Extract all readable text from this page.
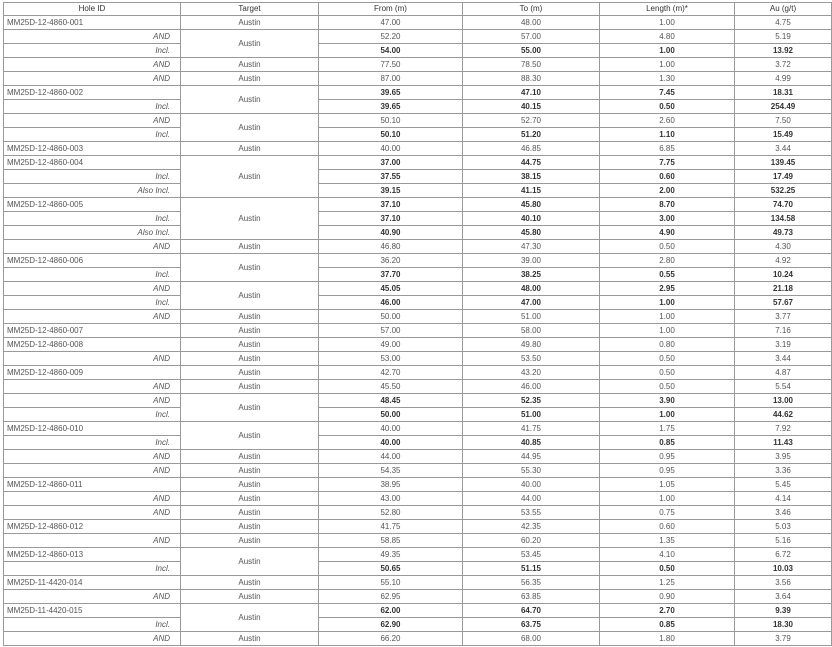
Hole ID	Target	From (m)	To (m)	Length (m)*	Au (g/t)
MM25D-12-4860-001	Austin	47.00	48.00	1.00	4.75
AND	Austin	52.20	57.00	4.80	5.19
Incl.		54.00	55.00	1.00	13.92
AND	Austin	77.50	78.50	1.00	3.72
AND	Austin	87.00	88.30	1.30	4.99
MM25D-12-4860-002	Austin	39.65	47.10	7.45	18.31
Incl.		39.65	40.15	0.50	254.49
AND	Austin	50.10	52.70	2.60	7.50
Incl.		50.10	51.20	1.10	15.49
MM25D-12-4860-003	Austin	40.00	46.85	6.85	3.44
MM25D-12-4860-004	Austin	37.00	44.75	7.75	139.45
Incl.		37.55	38.15	0.60	17.49
Also Incl.		39.15	41.15	2.00	532.25
MM25D-12-4860-005	Austin	37.10	45.80	8.70	74.70
Incl.		37.10	40.10	3.00	134.58
Also Incl.		40.90	45.80	4.90	49.73
AND	Austin	46.80	47.30	0.50	4.30
MM25D-12-4860-006	Austin	36.20	39.00	2.80	4.92
Incl.		37.70	38.25	0.55	10.24
AND	Austin	45.05	48.00	2.95	21.18
Incl.		46.00	47.00	1.00	57.67
AND	Austin	50.00	51.00	1.00	3.77
MM25D-12-4860-007	Austin	57.00	58.00	1.00	7.16
MM25D-12-4860-008	Austin	49.00	49.80	0.80	3.19
AND	Austin	53.00	53.50	0.50	3.44
MM25D-12-4860-009	Austin	42.70	43.20	0.50	4.87
AND	Austin	45.50	46.00	0.50	5.54
AND	Austin	48.45	52.35	3.90	13.00
Incl.		50.00	51.00	1.00	44.62
MM25D-12-4860-010	Austin	40.00	41.75	1.75	7.92
Incl.		40.00	40.85	0.85	11.43
AND	Austin	44.00	44.95	0.95	3.95
AND	Austin	54.35	55.30	0.95	3.36
MM25D-12-4860-011	Austin	38.95	40.00	1.05	5.45
AND	Austin	43.00	44.00	1.00	4.14
AND	Austin	52.80	53.55	0.75	3.46
MM25D-12-4860-012	Austin	41.75	42.35	0.60	5.03
AND	Austin	58.85	60.20	1.35	5.16
MM25D-12-4860-013	Austin	49.35	53.45	4.10	6.72
Incl.		50.65	51.15	0.50	10.03
MM25D-11-4420-014	Austin	55.10	56.35	1.25	3.56
AND	Austin	62.95	63.85	0.90	3.64
MM25D-11-4420-015	Austin	62.00	64.70	2.70	9.39
Incl.		62.90	63.75	0.85	18.30
AND	Austin	66.20	68.00	1.80	3.79
